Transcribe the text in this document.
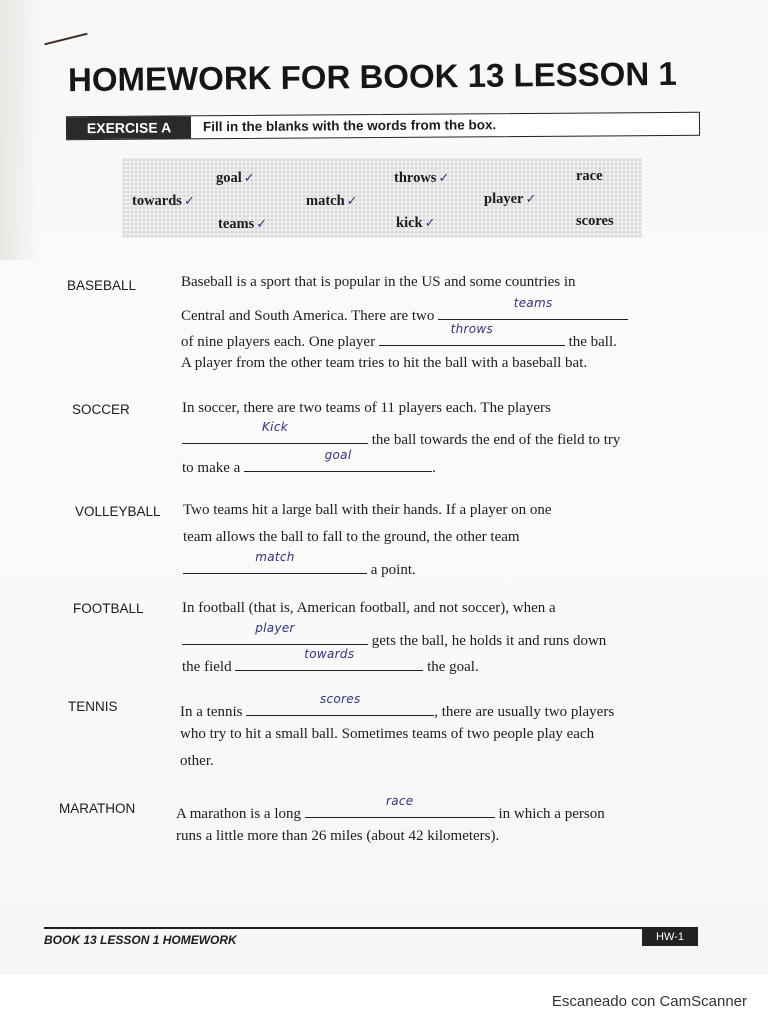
HOMEWORK FOR BOOK 13 LESSON 1
EXERCISE A	Fill in the blanks with the words from the box.
goal ✓	throws ✓	race
towards ✓	match ✓	player ✓
teams ✓	kick ✓	scores
BASEBALL	Baseball is a sport that is popular in the US and some countries in
Central and South America. There are two
teams
of nine players each. One player
throws
the ball.
A player from the other team tries to hit the ball with a baseball bat.
SOCCER	In soccer, there are two teams of 11 players each. The players
Kick
the ball towards the end of the field to try
to make a
goal
.
VOLLEYBALL Two teams hit a large ball with their hands. If a player on one
team allows the ball to fall to the ground, the other team
match
a point.
FOOTBALL	In football (that is, American football, and not soccer), when a
player
gets the ball, he holds it and runs down
the field
towards
the goal.
TENNIS	In a tennis
scores
, there are usually two players
who try to hit a small ball. Sometimes teams of two people play each
other.
MARATHON	A marathon is a long
race
in which a person
runs a little more than 26 miles (about 42 kilometers).
BOOK 13 LESSON 1 HOMEWORK	HW-1
Escaneado con CamScanner
